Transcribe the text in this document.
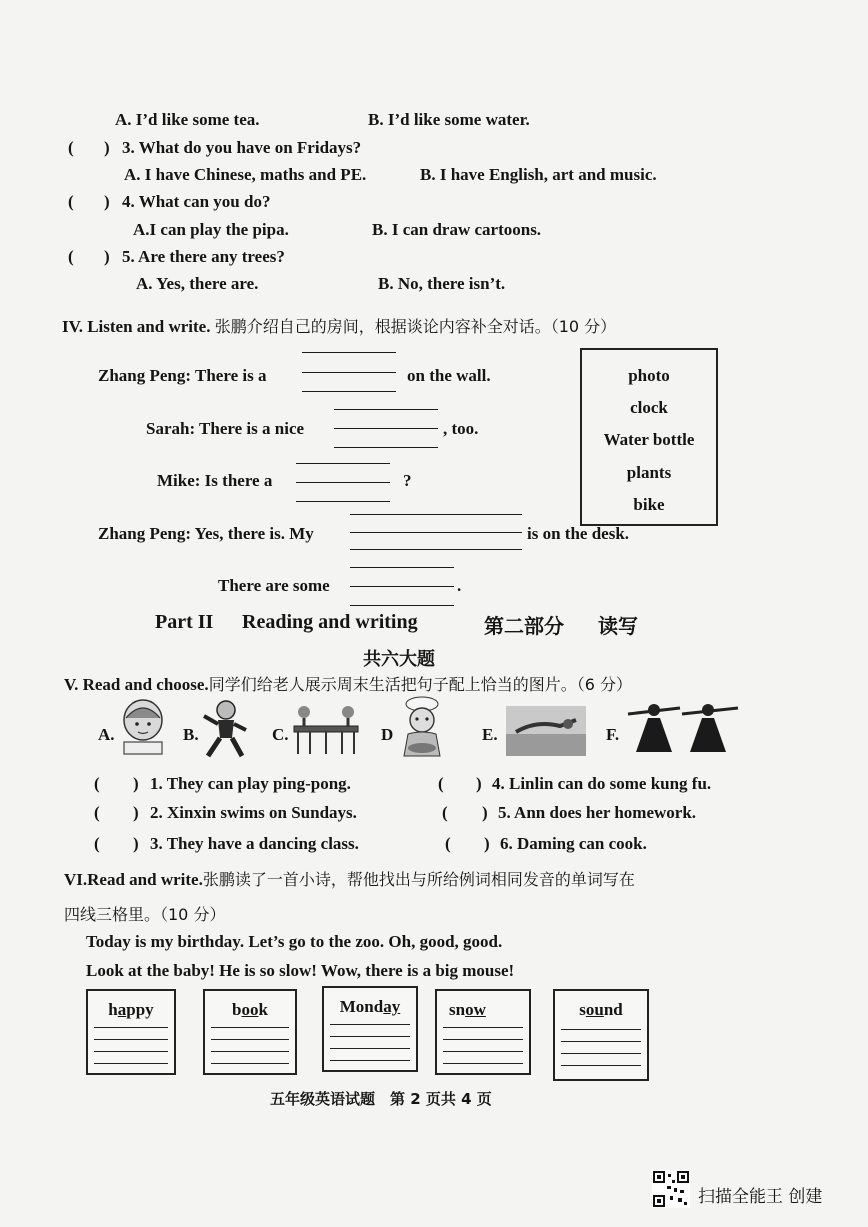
A. I’d like some tea.	B. I’d like some water.
( ) 3. What do you have on Fridays?
A. I have Chinese, maths and PE.	B. I have English, art and music.
( ) 4. What can you do?
A.I can play the pipa.	B. I can draw cartoons.
( ) 5. Are there any trees?
A. Yes, there are.	B. No, there isn’t.
IV. Listen and write. 张鹏介绍自己的房间，根据谈论内容补全对话。（10 分）
Zhang Peng: There is a	on the wall.
Sarah: There is a nice	, too.
Mike: Is there a	?
Zhang Peng: Yes, there is. My	is on the desk.
There are some	.
photo
clock
Water bottle
plants
bike
Part II Reading and writing	第二部分 读写
共六大题
V. Read and choose.同学们给老人展示周末生活把句子配上恰当的图片。（6 分）
A.	B.	C.	D	E.	F.
( ) 1. They can play ping-pong.	( ) 4. Linlin can do some kung fu.
( ) 2. Xinxin swims on Sundays.	( ) 5. Ann does her homework.
( ) 3. They have a dancing class.	( ) 6. Daming can cook.
VI.Read and write.张鹏读了一首小诗，帮他找出与所给例词相同发音的单词写在
四线三格里。（10 分）
Today is my birthday. Let’s go to the zoo. Oh, good, good.
Look at the baby! He is so slow! Wow, there is a big mouse!
happy	book	Monday	snow	sound
五年级英语试题　第 2 页共 4 页
扫描全能王 创建
